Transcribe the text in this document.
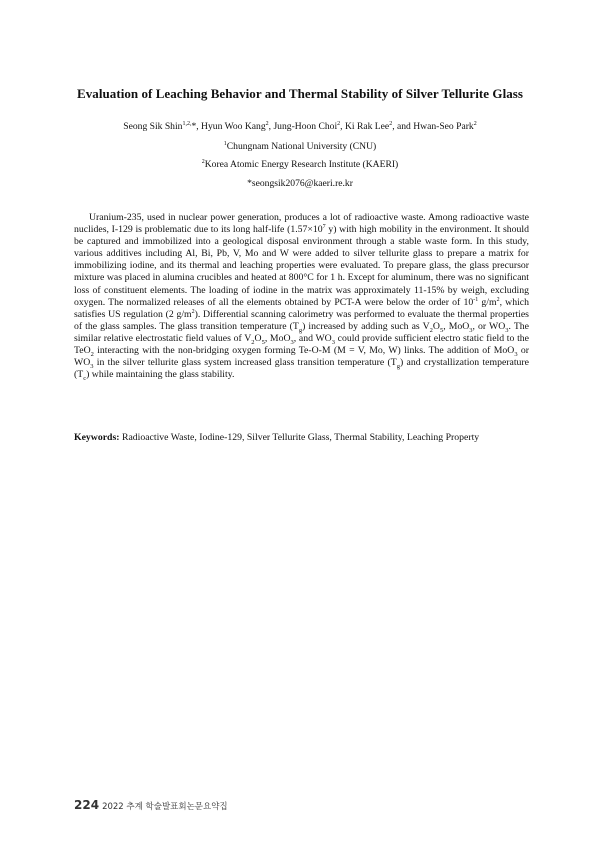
Evaluation of Leaching Behavior and Thermal Stability of Silver Tellurite Glass
Seong Sik Shin$^{1,2,}$*, Hyun Woo Kang$^2$, Jung-Hoon Choi$^2$, Ki Rak Lee$^2$, and Hwan-Seo Park$^2$
$^1$Chungnam National University (CNU)
$^2$Korea Atomic Energy Research Institute (KAERI)
*seongsik2076@kaeri.re.kr

Uranium-235, used in nuclear power generation, produces a lot of radioactive waste. Among radioactive waste nuclides, I-129 is problematic due to its long half-life ($1.57\times 10^7$ y) with high mobility in the environment. It should be captured and immobilized into a geological disposal environment through a stable waste form. In this study, various additives including Al, Bi, Pb, V, Mo and W were added to silver tellurite glass to prepare a matrix for immobilizing iodine, and its thermal and leaching properties were evaluated. To prepare glass, the glass precursor mixture was placed in alumina crucibles and heated at 800°C for 1 h. Except for aluminum, there was no significant loss of constituent elements. The loading of iodine in the matrix was approximately 11-15% by weigh, excluding oxygen. The normalized releases of all the elements obtained by PCT-A were below the order of $10^{-1}$ $g/m^2$, which satisfies US regulation (2 $g/m^2$). Differential scanning calorimetry was performed to evaluate the thermal properties of the glass samples. The glass transition temperature $(T_g)$ increased by adding such as $V_2O_5$, MoO$_3$, or $WO_3$. The similar relative electrostatic field values of $V_2O_5$, MoO$_3$, and $WO_3$ could provide sufficient electro static field to the TeO$_2$ interacting with the non-bridging oxygen forming Te-O-M (M = V, Mo, W) links. The addition of MoO$_3$ or $WO_3$ in the silver tellurite glass system increased glass transition temperature $(T_g)$ and crystallization temperature $(T_c)$ while maintaining the glass stability.

Keywords: Radioactive Waste, Iodine-129, Silver Tellurite Glass, Thermal Stability, Leaching Property

224 2022 추계 학술발표회논문요약집
